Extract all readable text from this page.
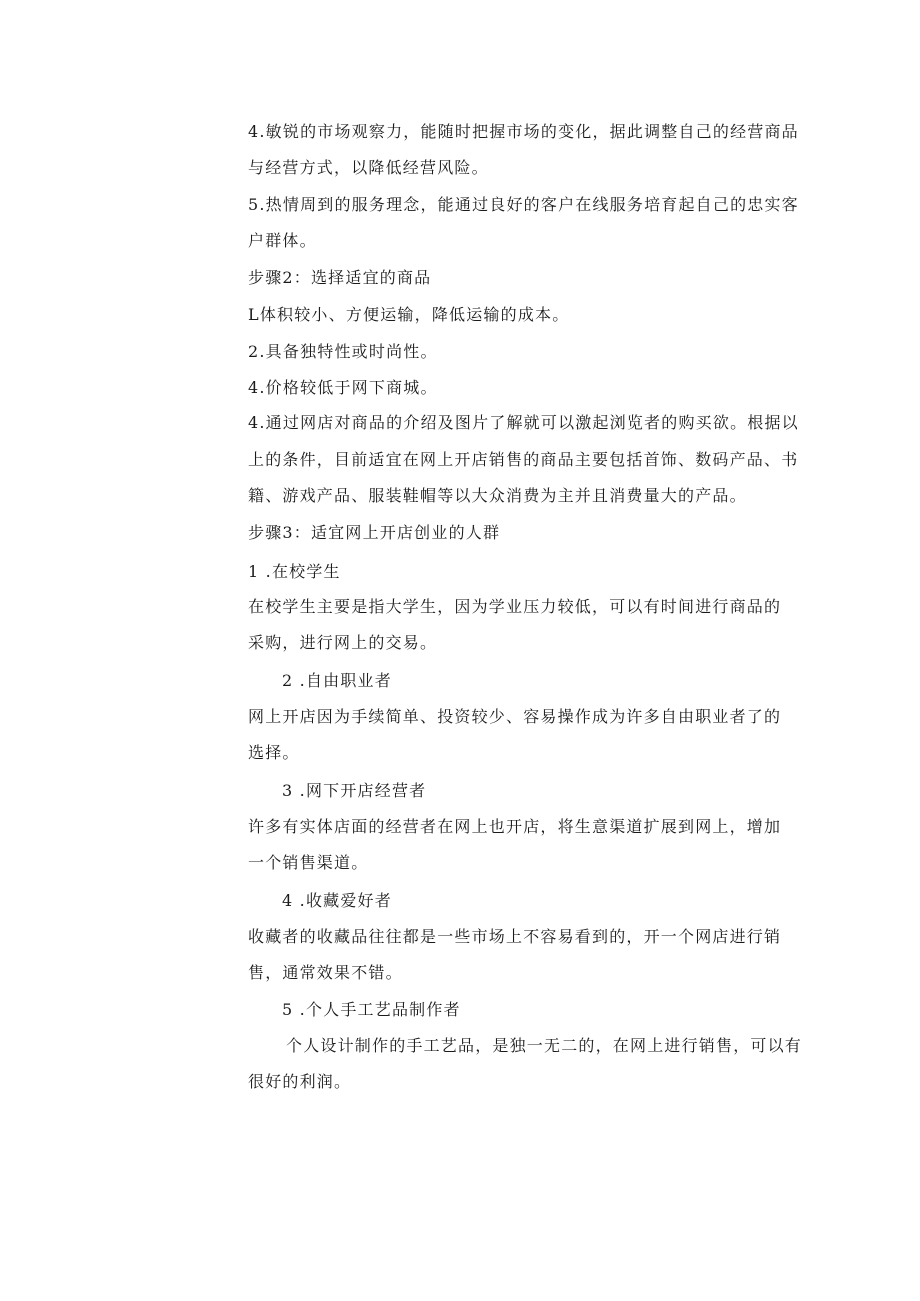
4.敏锐的市场观察力，能随时把握市场的变化，据此调整自己的经营商品
与经营方式，以降低经营风险。
5.热情周到的服务理念，能通过良好的客户在线服务培育起自己的忠实客
户群体。
步骤2：选择适宜的商品
L体积较小、方便运输，降低运输的成本。
2.具备独特性或时尚性。
4.价格较低于网下商城。
4.通过网店对商品的介绍及图片了解就可以激起浏览者的购买欲。根据以
上的条件，目前适宜在网上开店销售的商品主要包括首饰、数码产品、书
籍、游戏产品、服装鞋帽等以大众消费为主并且消费量大的产品。
步骤3：适宜网上开店创业的人群
1 .在校学生
在校学生主要是指大学生，因为学业压力较低，可以有时间进行商品的
采购，进行网上的交易。
2 .自由职业者
网上开店因为手续简单、投资较少、容易操作成为许多自由职业者了的
选择。
3 .网下开店经营者
许多有实体店面的经营者在网上也开店，将生意渠道扩展到网上，增加
一个销售渠道。
4 .收藏爱好者
收藏者的收藏品往往都是一些市场上不容易看到的，开一个网店进行销
售，通常效果不错。
5 .个人手工艺品制作者
个人设计制作的手工艺品，是独一无二的，在网上进行销售，可以有
很好的利润。
